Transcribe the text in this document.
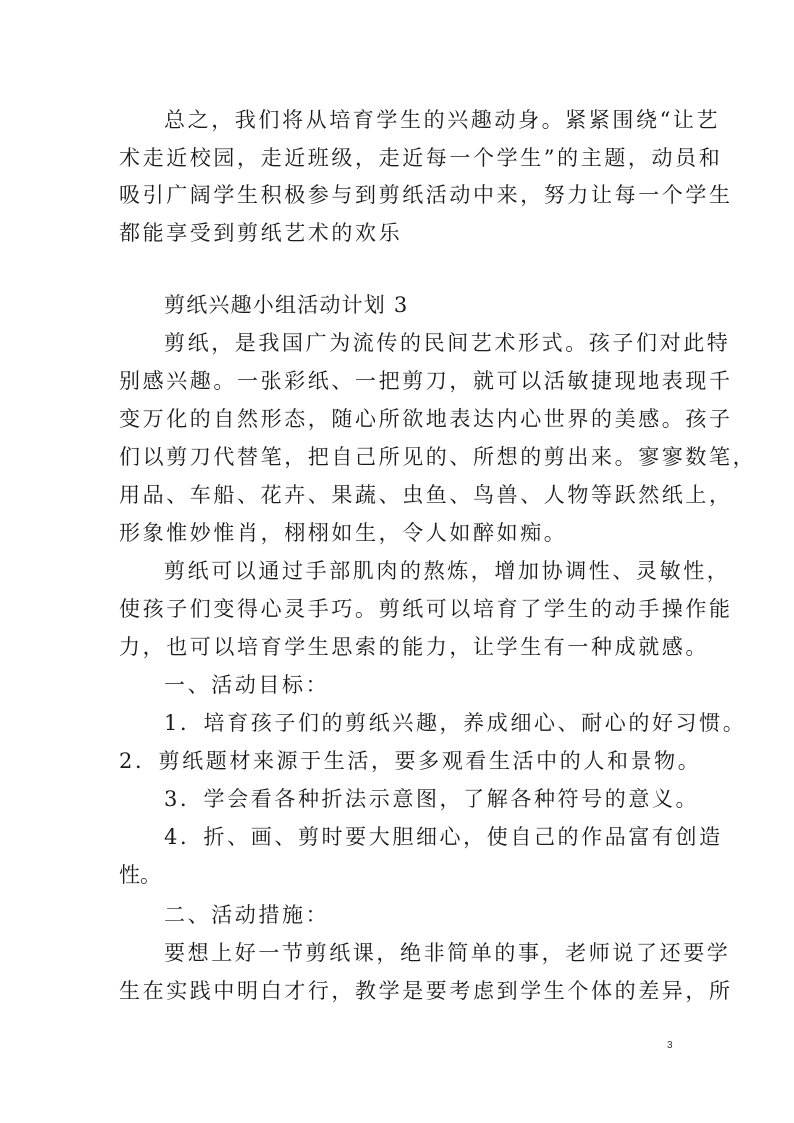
总之，我们将从培育学生的兴趣动身。紧紧围绕“让艺
术走近校园，走近班级，走近每一个学生”的主题，动员和
吸引广阔学生积极参与到剪纸活动中来，努力让每一个学生
都能享受到剪纸艺术的欢乐
剪纸兴趣小组活动计划 3
剪纸，是我国广为流传的民间艺术形式。孩子们对此特
别感兴趣。一张彩纸、一把剪刀，就可以活敏捷现地表现千
变万化的自然形态，随心所欲地表达内心世界的美感。孩子
们以剪刀代替笔，把自己所见的、所想的剪出来。寥寥数笔，
用品、车船、花卉、果蔬、虫鱼、鸟兽、人物等跃然纸上，
形象惟妙惟肖，栩栩如生，令人如醉如痴。
剪纸可以通过手部肌肉的熬炼，增加协调性、灵敏性，
使孩子们变得心灵手巧。剪纸可以培育了学生的动手操作能
力，也可以培育学生思索的能力，让学生有一种成就感。
一、活动目标：
1．培育孩子们的剪纸兴趣，养成细心、耐心的好习惯。
2．剪纸题材来源于生活，要多观看生活中的人和景物。
3．学会看各种折法示意图，了解各种符号的意义。
4．折、画、剪时要大胆细心，使自己的作品富有创造
性。
二、活动措施：
要想上好一节剪纸课，绝非简单的事，老师说了还要学
生在实践中明白才行，教学是要考虑到学生个体的差异，所
3
